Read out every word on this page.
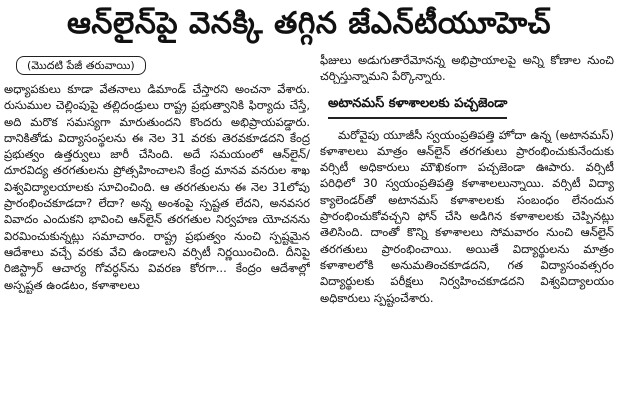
ఆన్‌లైన్‌పై వెనక్కి తగ్గిన జేఎన్‌టీయూహెచ్
(మొదటి పేజీ తరువాయి)

అధ్యాపకులు కూడా వేతనాలు డిమాండ్ చేస్తారని అంచనా వేశారు. రుసుముల చెల్లింపుపై తల్లిదండ్రులు రాష్ట్ర ప్రభుత్వానికి ఫిర్యాదు చేస్తే, అది మరొక సమస్యగా మారుతుందని కొందరు అభిప్రాయపడ్డారు. దానికితోడు విద్యాసంస్థలను ఈ నెల 31 వరకు తెరవకూడదని కేంద్ర ప్రభుత్వం ఉత్తర్వులు జారీ చేసింది. అదే సమయంలో ఆన్‌లైన్/ దూరవిద్య తరగతులను ప్రోత్సహించాలని కేంద్ర మానవ వనరుల శాఖ విశ్వవిద్యాలయాలకు సూచించింది. ఆ తరగతులను ఈ నెల 31లోపు ప్రారంభించకూడదా? లేదా? అన్న అంశంపై స్పష్టత లేదని, అనవసర వివాదం ఎందుకని భావించి ఆన్‌లైన్ తరగతుల నిర్వహణ యోచనను విరమించుకున్నట్లు సమాచారం. రాష్ట్ర ప్రభుత్వం నుంచి స్పష్టమైన ఆదేశాలు వచ్చే వరకు వేచి ఉండాలని వర్సిటీ నిర్ణయించింది. దీనిపై రిజిస్ట్రార్ ఆచార్య గోవర్ధన్‌ను వివరణ కోరగా... కేంద్రం ఆదేశాల్లో అస్పష్టత ఉండటం, కళాశాలలు

ఫీజులు అడుగుతారేమోనన్న అభిప్రాయాలపై అన్ని కోణాల నుంచి చర్చిస్తున్నామని పేర్కొన్నారు.

అటానమస్ కళాశాలలకు పచ్చజెండా

మరోవైపు యూజీసీ స్వయంప్రతిపత్తి హోదా ఉన్న (అటానమస్) కళాశాలలు మాత్రం ఆన్‌లైన్ తరగతులు ప్రారంభించుకునేందుకు వర్సిటీ అధికారులు మౌఖికంగా పచ్చజెండా ఊపారు. వర్సిటీ పరిధిలో 30 స్వయంప్రతిపత్తి కళాశాలలున్నాయి. వర్సిటీ విద్యా క్యాలెండర్‌తో అటానమస్ కళాశాలలకు సంబంధం లేనందున ప్రారంభించుకోవచ్చని ఫోన్ చేసి అడిగిన కళాశాలలకు చెప్పినట్లు తెలిసింది. దాంతో కొన్ని కళాశాలలు సోమవారం నుంచి ఆన్‌లైన్ తరగతులు ప్రారంభించాయి. అయితే విద్యార్థులను మాత్రం కళాశాలలోకి అనుమతించకూడదని, గత విద్యాసంవత్సరం విద్యార్థులకు పరీక్షలు నిర్వహించకూడదని విశ్వవిద్యాలయం అధికారులు స్పష్టంచేశారు.
